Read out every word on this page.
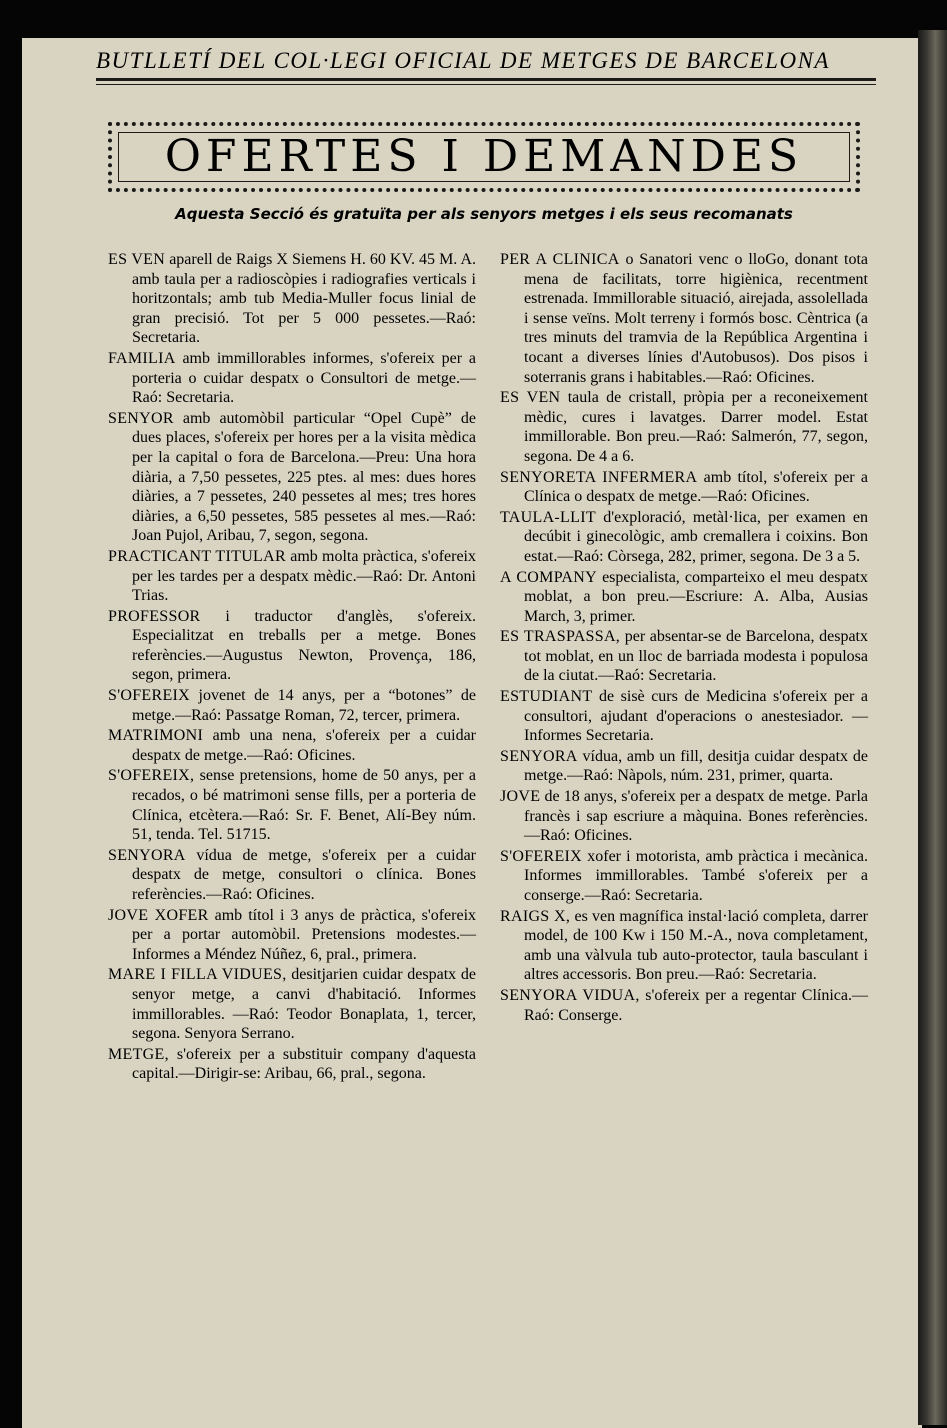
BUTLLETÍ DEL COL·LEGI OFICIAL DE METGES DE BARCELONA
OFERTES I DEMANDES
Aquesta Secció és gratuïta per als senyors metges i els seus recomanats

ES VEN aparell de Raigs X Siemens H. 60 KV. 45 M. A. amb taula per a radioscòpies i radiografies verticals i horitzontals; amb tub Media-Muller focus linial de gran precisió. Tot per 5 000 pessetes.—Raó: Secretaria.

FAMILIA amb immillorables informes, s'ofereix per a porteria o cuidar despatx o Consultori de metge.—Raó: Secretaria.

SENYOR amb automòbil particular “Opel Cupè” de dues places, s'ofereix per hores per a la visita mèdica per la capital o fora de Barcelona.—Preu: Una hora diària, a 7,50 pessetes, 225 ptes. al mes: dues hores diàries, a 7 pessetes, 240 pessetes al mes; tres hores diàries, a 6,50 pessetes, 585 pessetes al mes.—Raó: Joan Pujol, Aribau, 7, segon, segona.

PRACTICANT TITULAR amb molta pràctica, s'ofereix per les tardes per a despatx mèdic.—Raó: Dr. Antoni Trias.

PROFESSOR i traductor d'anglès, s'ofereix. Especialitzat en treballs per a metge. Bones referències.—Augustus Newton, Provença, 186, segon, primera.

S'OFEREIX jovenet de 14 anys, per a “botones” de metge.—Raó: Passatge Roman, 72, tercer, primera.

MATRIMONI amb una nena, s'ofereix per a cuidar despatx de metge.—Raó: Oficines.

S'OFEREIX, sense pretensions, home de 50 anys, per a recados, o bé matrimoni sense fills, per a porteria de Clínica, etcètera.—Raó: Sr. F. Benet, Alí-Bey núm. 51, tenda. Tel. 51715.

SENYORA vídua de metge, s'ofereix per a cuidar despatx de metge, consultori o clínica. Bones referències.—Raó: Oficines.

JOVE XOFER amb títol i 3 anys de pràctica, s'ofereix per a portar automòbil. Pretensions modestes.—Informes a Méndez Núñez, 6, pral., primera.

MARE I FILLA VIDUES, desitjarien cuidar despatx de senyor metge, a canvi d'habitació. Informes immillorables. —Raó: Teodor Bonaplata, 1, tercer, segona. Senyora Serrano.

METGE, s'ofereix per a substituir company d'aquesta capital.—Dirigir-se: Aribau, 66, pral., segona.

PER A CLINICA o Sanatori venc o lloGo, donant tota mena de facilitats, torre higiènica, recentment estrenada. Immillorable situació, airejada, assolellada i sense veïns. Molt terreny i formós bosc. Cèntrica (a tres minuts del tramvia de la República Argentina i tocant a diverses línies d'Autobusos). Dos pisos i soterranis grans i habitables.—Raó: Oficines.

ES VEN taula de cristall, pròpia per a reconeixement mèdic, cures i lavatges. Darrer model. Estat immillorable. Bon preu.—Raó: Salmerón, 77, segon, segona. De 4 a 6.

SENYORETA INFERMERA amb títol, s'ofereix per a Clínica o despatx de metge.—Raó: Oficines.

TAULA-LLIT d'exploració, metàl·lica, per examen en decúbit i ginecològic, amb cremallera i coixins. Bon estat.—Raó: Còrsega, 282, primer, segona. De 3 a 5.

A COMPANY especialista, comparteixo el meu despatx moblat, a bon preu.—Escriure: A. Alba, Ausias March, 3, primer.

ES TRASPASSA, per absentar-se de Barcelona, despatx tot moblat, en un lloc de barriada modesta i populosa de la ciutat.—Raó: Secretaria.

ESTUDIANT de sisè curs de Medicina s'ofereix per a consultori, ajudant d'operacions o anestesiador. — Informes Secretaria.

SENYORA vídua, amb un fill, desitja cuidar despatx de metge.—Raó: Nàpols, núm. 231, primer, quarta.

JOVE de 18 anys, s'ofereix per a despatx de metge. Parla francès i sap escriure a màquina. Bones referències.—Raó: Oficines.

S'OFEREIX xofer i motorista, amb pràctica i mecànica. Informes immillorables. També s'ofereix per a conserge.—Raó: Secretaria.

RAIGS X, es ven magnífica instal·lació completa, darrer model, de 100 Kw i 150 M.-A., nova completament, amb una vàlvula tub auto-protector, taula basculant i altres accessoris. Bon preu.—Raó: Secretaria.

SENYORA VIDUA, s'ofereix per a regentar Clínica.—Raó: Conserge.
